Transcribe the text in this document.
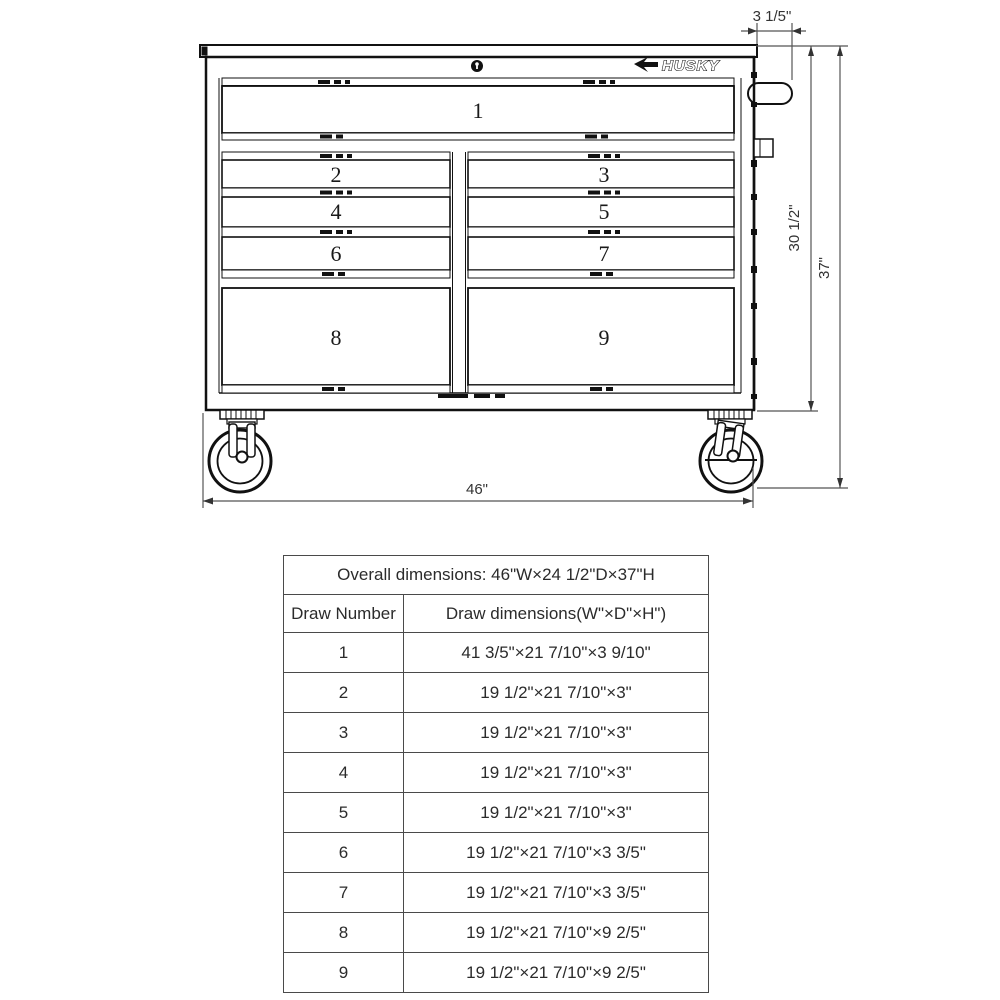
HUSKY
1
2
4
6
8
3
5
7
9
3 1/5"
30 1/2"
37"
46"
Overall dimensions: 46"W×24 1/2"D×37"H	
Draw Number	Draw dimensions(W"×D"×H")
1	41 3/5"×21 7/10"×3 9/10"
2	19 1/2"×21 7/10"×3"
3	19 1/2"×21 7/10"×3"
4	19 1/2"×21 7/10"×3"
5	19 1/2"×21 7/10"×3"
6	19 1/2"×21 7/10"×3 3/5"
7	19 1/2"×21 7/10"×3 3/5"
8	19 1/2"×21 7/10"×9 2/5"
9	19 1/2"×21 7/10"×9 2/5"
